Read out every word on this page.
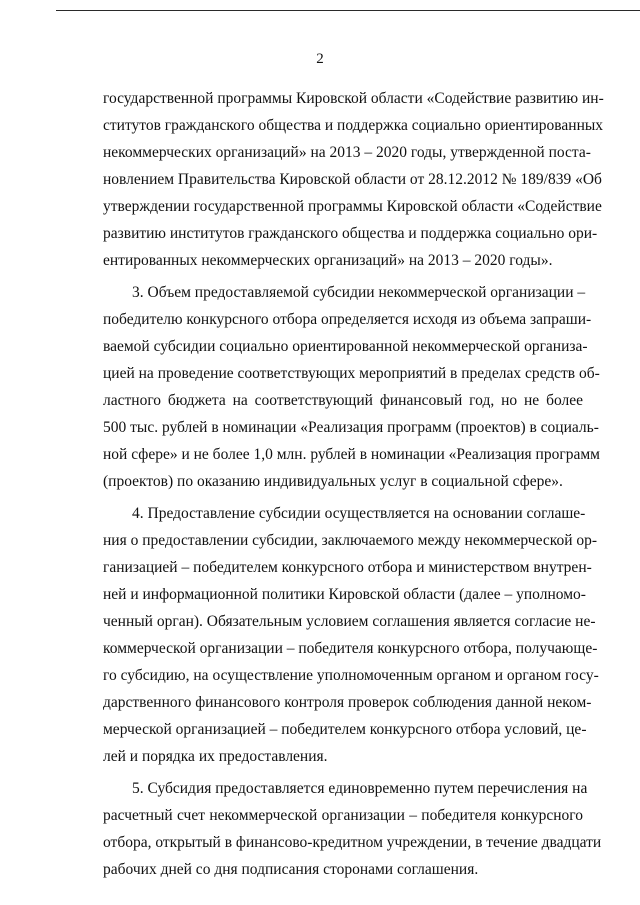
2
государственной программы Кировской области «Содействие развитию ин-
ститутов гражданского общества и поддержка социально ориентированных
некоммерческих организаций» на 2013 – 2020 годы, утвержденной поста-
новлением Правительства Кировской области от 28.12.2012 № 189/839 «Об
утверждении государственной программы Кировской области «Содействие
развитию институтов гражданского общества и поддержка социально ори-
ентированных некоммерческих организаций» на 2013 – 2020 годы».
3. Объем предоставляемой субсидии некоммерческой организации –
победителю конкурсного отбора определяется исходя из объема запраши-
ваемой субсидии социально ориентированной некоммерческой организа-
цией на проведение соответствующих мероприятий в пределах средств об-
ластного бюджета на соответствующий финансовый год, но не более
500 тыс. рублей в номинации «Реализация программ (проектов) в социаль-
ной сфере» и не более 1,0 млн. рублей в номинации «Реализация программ
(проектов) по оказанию индивидуальных услуг в социальной сфере».
4. Предоставление субсидии осуществляется на основании соглаше-
ния о предоставлении субсидии, заключаемого между некоммерческой ор-
ганизацией – победителем конкурсного отбора и министерством внутрен-
ней и информационной политики Кировской области (далее – уполномо-
ченный орган). Обязательным условием соглашения является согласие не-
коммерческой организации – победителя конкурсного отбора, получающе-
го субсидию, на осуществление уполномоченным органом и органом госу-
дарственного финансового контроля проверок соблюдения данной неком-
мерческой организацией – победителем конкурсного отбора условий, це-
лей и порядка их предоставления.
5. Субсидия предоставляется единовременно путем перечисления на
расчетный счет некоммерческой организации – победителя конкурсного
отбора, открытый в финансово-кредитном учреждении, в течение двадцати
рабочих дней со дня подписания сторонами соглашения.
